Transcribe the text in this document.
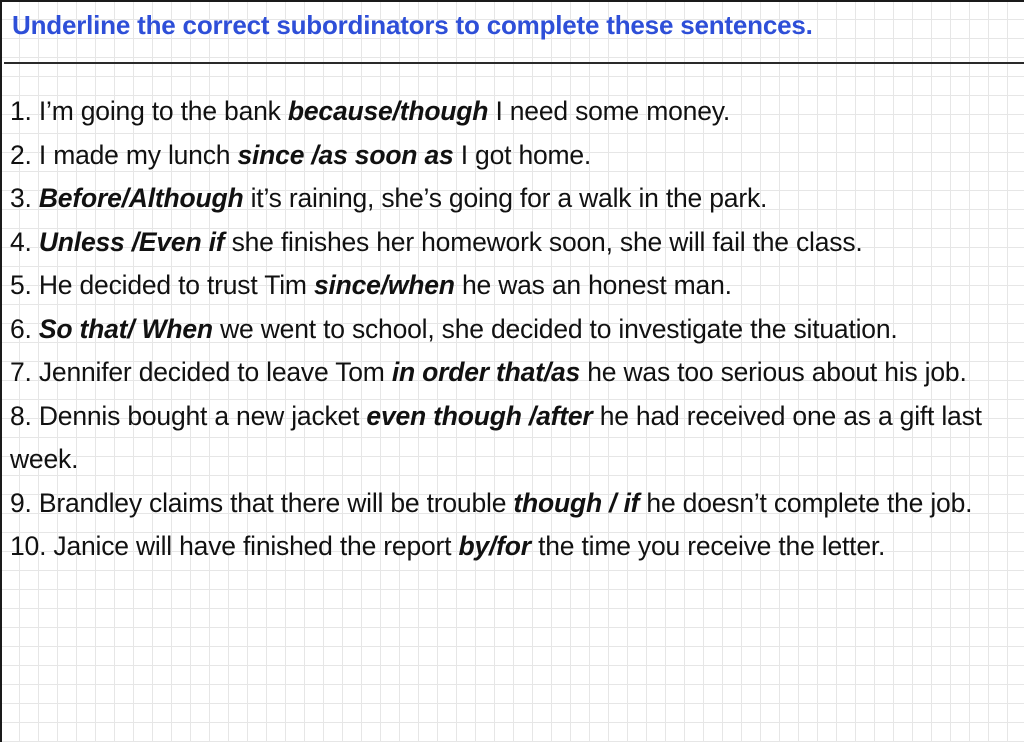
Underline the correct subordinators to complete these sentences.
1. I’m going to the bank because/though I need some money.
2. I made my lunch since /as soon as I got home.
3. Before/Although it’s raining, she’s going for a walk in the park.
4. Unless /Even if she finishes her homework soon, she will fail the class.
5. He decided to trust Tim since/when he was an honest man.
6. So that/ When we went to school, she decided to investigate the situation.
7. Jennifer decided to leave Tom in order that/as he was too serious about his job.
8. Dennis bought a new jacket even though /after he had received one as a gift last week.
9. Brandley claims that there will be trouble though / if he doesn’t complete the job.
10. Janice will have finished the report by/for the time you receive the letter.
